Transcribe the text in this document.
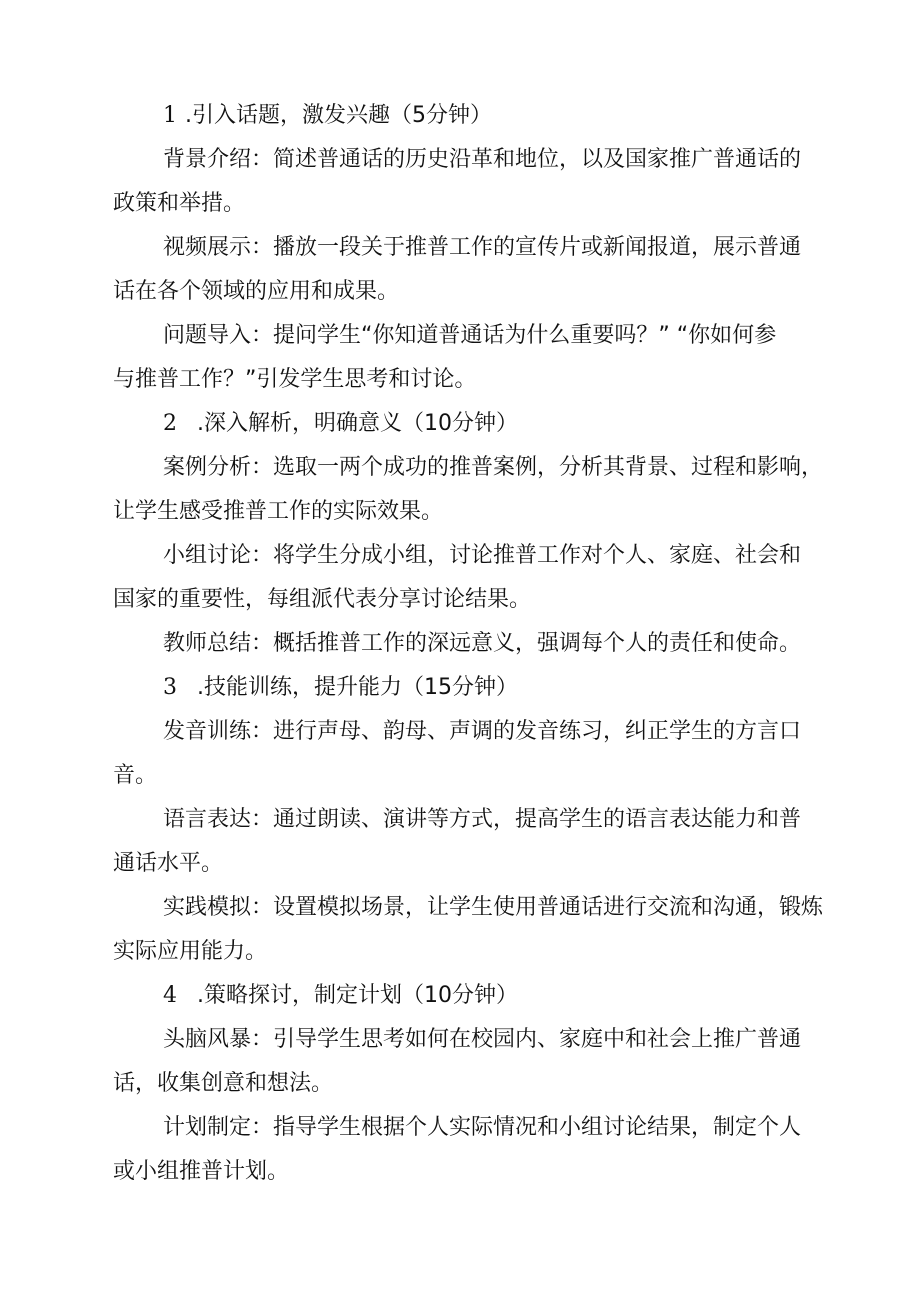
1 .引入话题，激发兴趣（5分钟）
背景介绍：简述普通话的历史沿革和地位，以及国家推广普通话的
政策和举措。
视频展示：播放一段关于推普工作的宣传片或新闻报道，展示普通
话在各个领域的应用和成果。
问题导入：提问学生“你知道普通话为什么重要吗？” “你如何参
与推普工作？”引发学生思考和讨论。
2 .深入解析，明确意义（10分钟）
案例分析：选取一两个成功的推普案例，分析其背景、过程和影响，
让学生感受推普工作的实际效果。
小组讨论：将学生分成小组，讨论推普工作对个人、家庭、社会和
国家的重要性，每组派代表分享讨论结果。
教师总结：概括推普工作的深远意义，强调每个人的责任和使命。
3 .技能训练，提升能力（15分钟）
发音训练：进行声母、韵母、声调的发音练习，纠正学生的方言口
音。
语言表达：通过朗读、演讲等方式，提高学生的语言表达能力和普
通话水平。
实践模拟：设置模拟场景，让学生使用普通话进行交流和沟通，锻炼
实际应用能力。
4 .策略探讨，制定计划（10分钟）
头脑风暴：引导学生思考如何在校园内、家庭中和社会上推广普通
话，收集创意和想法。
计划制定：指导学生根据个人实际情况和小组讨论结果，制定个人
或小组推普计划。
